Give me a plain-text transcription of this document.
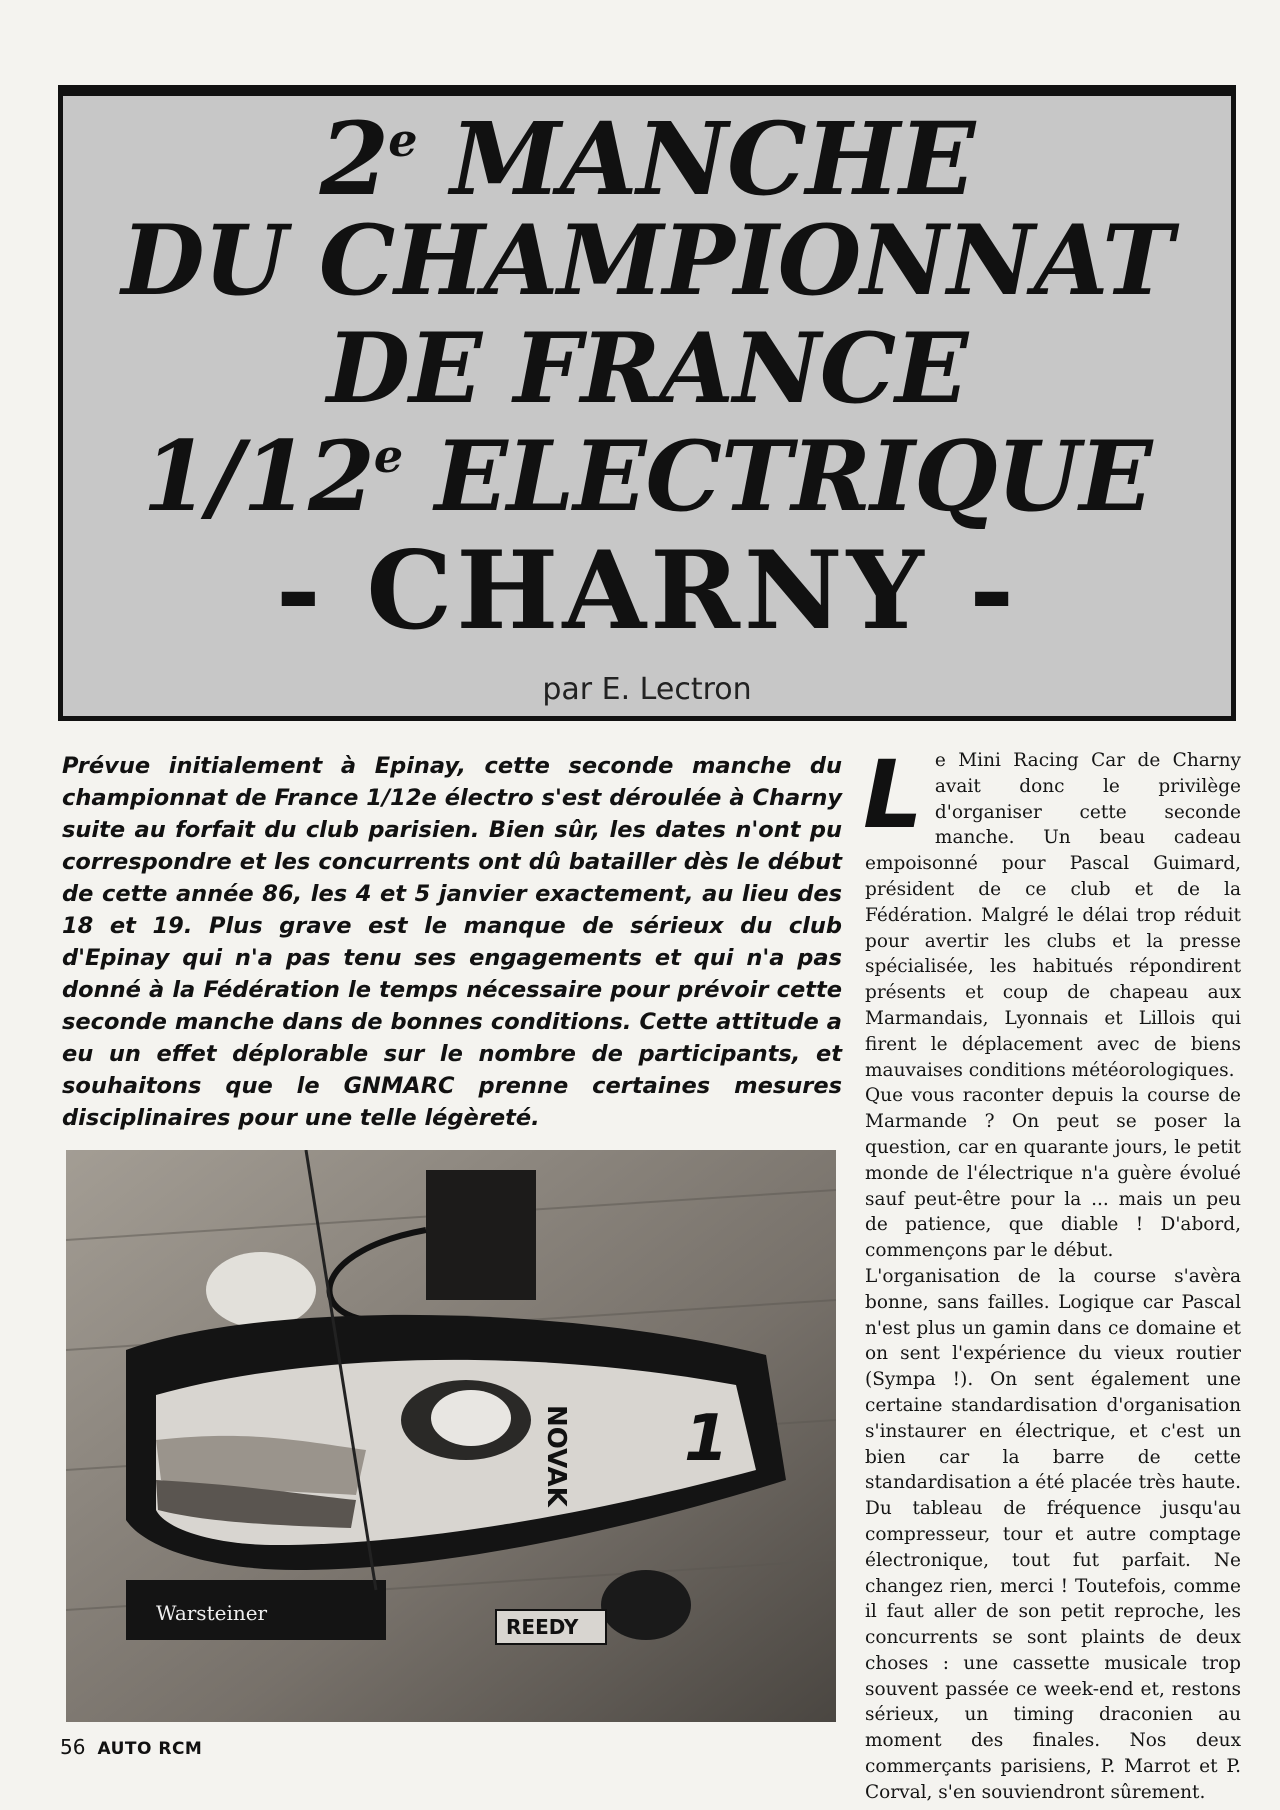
2e MANCHE
DU CHAMPIONNAT
DE FRANCE
1/12e ELECTRIQUE
- CHARNY -
par E. Lectron
Prévue initialement à Epinay, cette seconde manche du championnat de France 1/12e électro s'est déroulée à Charny suite au forfait du club parisien. Bien sûr, les dates n'ont pu correspondre et les concurrents ont dû batailler dès le début de cette année 86, les 4 et 5 janvier exactement, au lieu des 18 et 19. Plus grave est le manque de sérieux du club d'Epinay qui n'a pas tenu ses engagements et qui n'a pas donné à la Fédération le temps nécessaire pour prévoir cette seconde manche dans de bonnes conditions. Cette attitude a eu un effet déplorable sur le nombre de participants, et souhaitons que le GNMARC prenne certaines mesures disciplinaires pour une telle légèreté.
NOVAK 1
Warsteiner
REEDY
L e Mini Racing Car de Charny avait donc le privilège d'organiser cette seconde manche. Un beau cadeau empoisonné pour Pascal Guimard, président de ce club et de la Fédération. Malgré le délai trop réduit pour avertir les clubs et la presse spécialisée, les habitués répondirent présents et coup de chapeau aux Marmandais, Lyonnais et Lillois qui firent le déplacement avec de biens mauvaises conditions météorologiques.

Que vous raconter depuis la course de Marmande ? On peut se poser la question, car en quarante jours, le petit monde de l'électrique n'a guère évolué sauf peut-être pour la ... mais un peu de patience, que diable ! D'abord, commençons par le début.

L'organisation de la course s'avèra bonne, sans failles. Logique car Pascal n'est plus un gamin dans ce domaine et on sent l'expérience du vieux routier (Sympa !). On sent également une certaine standardisation d'organisation s'instaurer en électrique, et c'est un bien car la barre de cette standardisation a été placée très haute. Du tableau de fréquence jusqu'au compresseur, tour et autre comptage électronique, tout fut parfait. Ne changez rien, merci ! Toutefois, comme il faut aller de son petit reproche, les concurrents se sont plaints de deux choses : une cassette musicale trop souvent passée ce week-end et, restons sérieux, un timing draconien au moment des finales. Nos deux commerçants parisiens, P. Marrot et P. Corval, s'en souviendront sûrement.

56 AUTO RCM
